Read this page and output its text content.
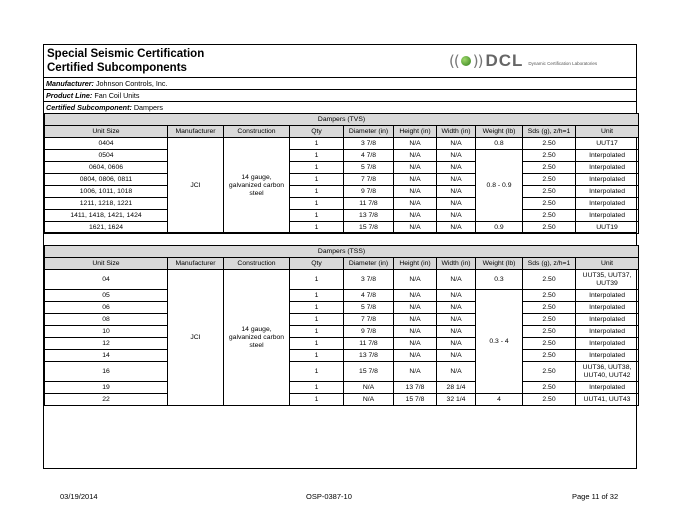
Special Seismic Certification
Certified Subcomponents	(( )) DCL Dynamic Certification Laboratories
Manufacturer: Johnson Controls, Inc.
Product Line: Fan Coil Units
Certified Subcomponent: Dampers
Dampers (TVS)									
Unit Size	Manufacturer	Construction	Qty	Diameter (in)	Height (in)	Width (in)	Weight (lb)	Sds (g), z/h=1	Unit
0404	JCI	14 gauge, galvanized carbon steel	1	3 7/8	N/A	N/A	0.8	2.50	UUT17
0504			1	4 7/8	N/A	N/A	0.8 - 0.9	2.50	Interpolated
0604, 0606			1	5 7/8	N/A	N/A		2.50	Interpolated
0804, 0806, 0811			1	7 7/8	N/A	N/A		2.50	Interpolated
1006, 1011, 1018			1	9 7/8	N/A	N/A		2.50	Interpolated
1211, 1218, 1221			1	11 7/8	N/A	N/A		2.50	Interpolated
1411, 1418, 1421, 1424			1	13 7/8	N/A	N/A		2.50	Interpolated
1621, 1624			1	15 7/8	N/A	N/A	0.9	2.50	UUT19
Dampers (TSS)									
Unit Size	Manufacturer	Construction	Qty	Diameter (in)	Height (in)	Width (in)	Weight (lb)	Sds (g), z/h=1	Unit
04	JCI	14 gauge, galvanized carbon steel	1	3 7/8	N/A	N/A	0.3	2.50	UUT35, UUT37, UUT39
05			1	4 7/8	N/A	N/A	0.3 - 4	2.50	Interpolated
06			1	5 7/8	N/A	N/A		2.50	Interpolated
08			1	7 7/8	N/A	N/A		2.50	Interpolated
10			1	9 7/8	N/A	N/A		2.50	Interpolated
12			1	11 7/8	N/A	N/A		2.50	Interpolated
14			1	13 7/8	N/A	N/A		2.50	Interpolated
16			1	15 7/8	N/A	N/A		2.50	UUT36, UUT38, UUT40, UUT42
19			1	N/A	13 7/8	28 1/4		2.50	Interpolated
22			1	N/A	15 7/8	32 1/4	4	2.50	UUT41, UUT43
03/19/2014	OSP-0387-10	Page 11 of 32
